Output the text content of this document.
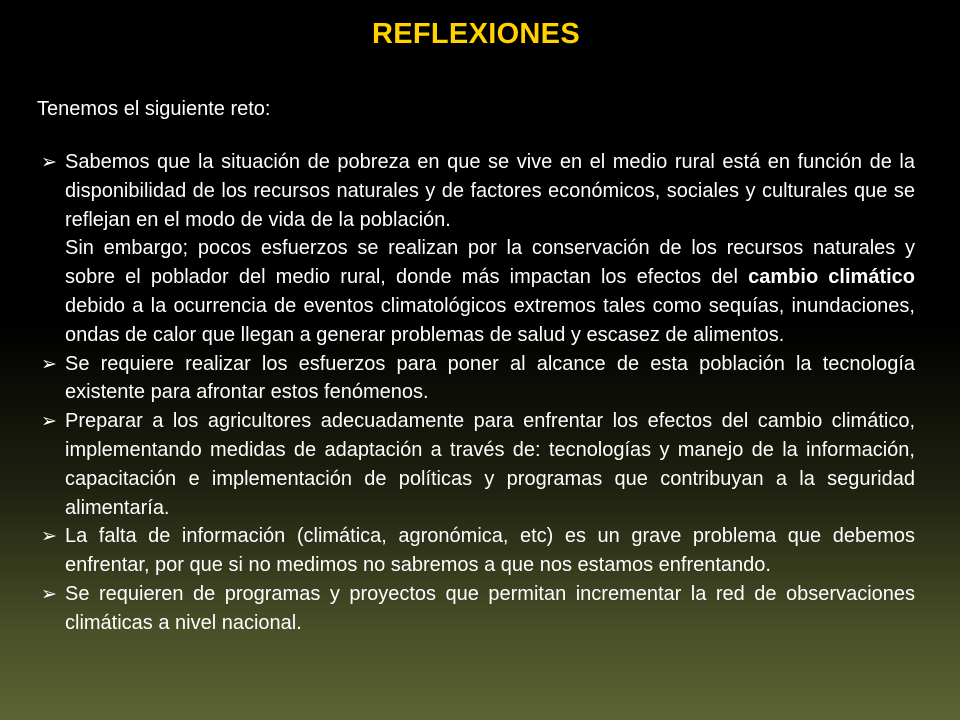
REFLEXIONES
Tenemos el siguiente reto:
➢ Sabemos que la situación de pobreza en que se vive en el medio rural está en función de la disponibilidad de los recursos naturales y de factores económicos, sociales y culturales que se reflejan en el modo de vida de la población.
Sin embargo; pocos esfuerzos se realizan por la conservación de los recursos naturales y sobre el poblador del medio rural, donde más impactan los efectos del cambio climático debido a la ocurrencia de eventos climatológicos extremos tales como sequías, inundaciones, ondas de calor que llegan a generar problemas de salud y escasez de alimentos.
➢ Se requiere realizar los esfuerzos para poner al alcance de esta población la tecnología existente para afrontar estos fenómenos.
➢ Preparar a los agricultores adecuadamente para enfrentar los efectos del cambio climático, implementando medidas de adaptación a través de: tecnologías y manejo de la información, capacitación e implementación de políticas y programas que contribuyan a la seguridad alimentaría.
➢ La falta de información (climática, agronómica, etc) es un grave problema que debemos enfrentar, por que si no medimos no sabremos a que nos estamos enfrentando.
➢ Se requieren de programas y proyectos que permitan incrementar la red de observaciones climáticas a nivel nacional.
